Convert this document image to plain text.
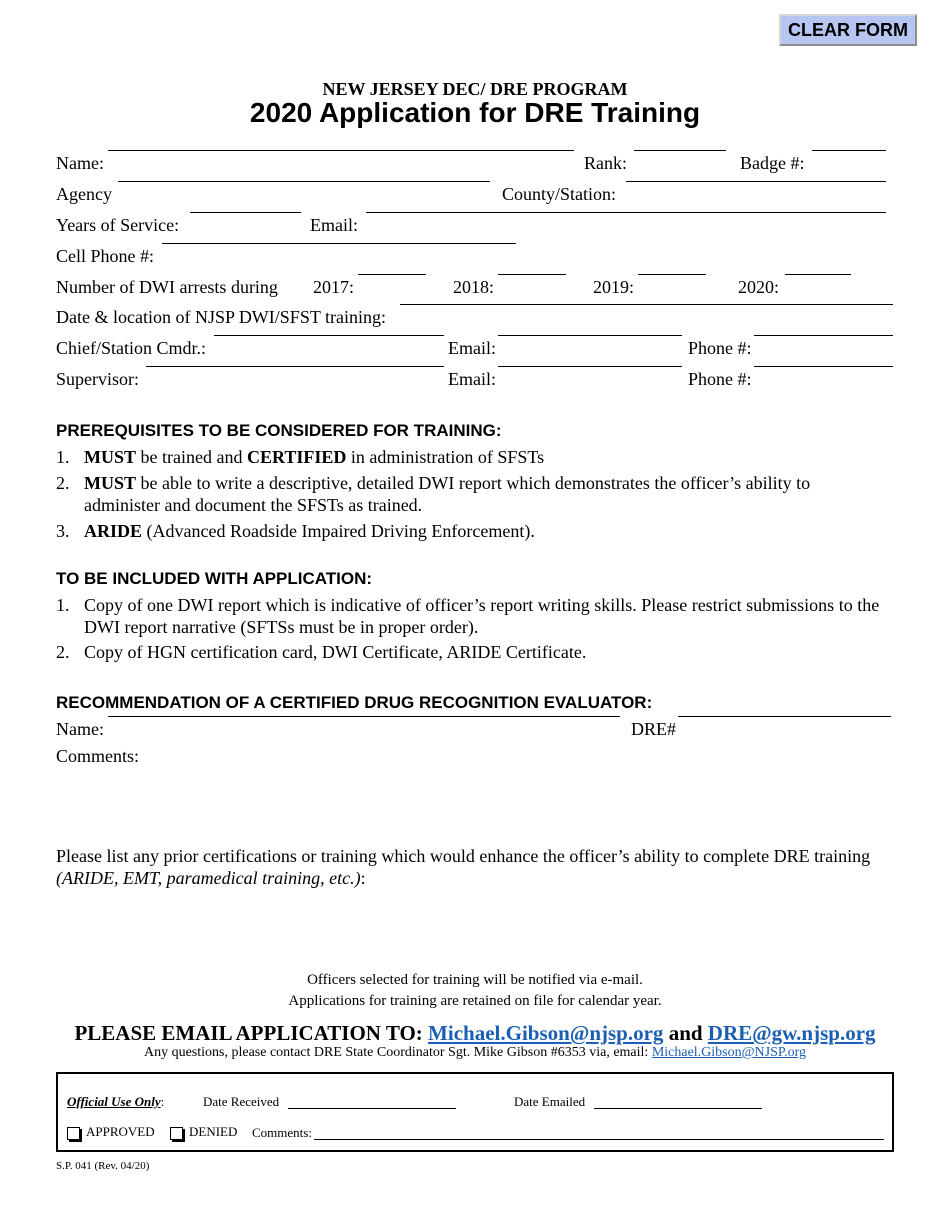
CLEAR FORM
NEW JERSEY DEC/ DRE PROGRAM
2020 Application for DRE Training
Name:	Rank:	Badge #:
Agency	County/Station:
Years of Service:	Email:
Cell Phone #:
Number of DWI arrests during 2017:	2018:	2019:	2020:
Date & location of NJSP DWI/SFST training:
Chief/Station Cmdr.:	Email:	Phone #:
Supervisor:	Email:	Phone #:
PREREQUISITES TO BE CONSIDERED FOR TRAINING:
1. MUST be trained and CERTIFIED in administration of SFSTs
2. MUST be able to write a descriptive, detailed DWI report which demonstrates the officer’s ability to administer and document the SFSTs as trained.
3. ARIDE (Advanced Roadside Impaired Driving Enforcement).
TO BE INCLUDED WITH APPLICATION:
1. Copy of one DWI report which is indicative of officer’s report writing skills. Please restrict submissions to the DWI report narrative (SFTSs must be in proper order).
2. Copy of HGN certification card, DWI Certificate, ARIDE Certificate.
RECOMMENDATION OF A CERTIFIED DRUG RECOGNITION EVALUATOR:
Name:	DRE#
Comments:
Please list any prior certifications or training which would enhance the officer’s ability to complete DRE training
(ARIDE, EMT, paramedical training, etc.):
Officers selected for training will be notified via e-mail.
Applications for training are retained on file for calendar year.
PLEASE EMAIL APPLICATION TO: Michael.Gibson@njsp.org and DRE@gw.njsp.org
Any questions, please contact DRE State Coordinator Sgt. Mike Gibson #6353 via, email: Michael.Gibson@NJSP.org
Official Use Only:	Date Received	Date Emailed
APPROVED	DENIED Comments:
S.P. 041 (Rev. 04/20)
